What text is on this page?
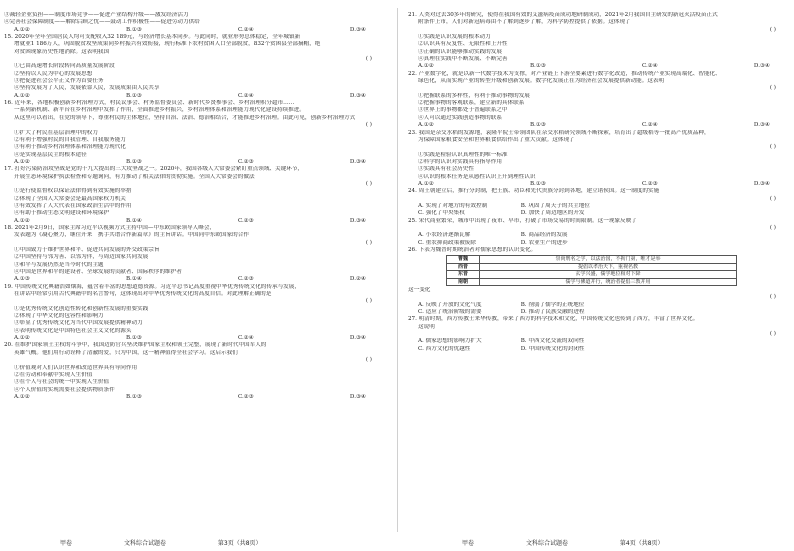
③减轻企业负担——制度市场竞争——促进产业结构升级——激发经济活力
④完善社会保障制度——解除后顾之忧——鼓动工作积极性——促进劳动力供给
A.①②	B.①③	C.②④	D.③④
15. 2020年全年全国居民人均可支配收入32 189元，与经济增长基本同步。与此同时，就业形势总体稳定，全年城镇新
增就业1 186万人，巩固脱贫攻坚成果同乡村振兴有效衔接，现行标准下农村贫困人口全部脱贫，832个贫困县全部摘帽，绝
对贫困现象历史性地消除。这表明我国
( )
①已由高速增长阶段转向高质量发展阶段
②坚持以人民为中心的发展思想
③把促进社会公平正义作为首要任务
④坚持发展为了人民，发展依靠人民，发展成果由人民共享
A.①②	B.①③	C.②④	D.③④
16. 近年来，各地积极创新乡村治理方式，村民议事会、村务监督委员会、新时代乡贤参事会、乡村治理积分超市……
一系列新机制、新平台在乡村治理中发挥了作用，全面推进乡村振兴，乡村治理体系和治理能力现代化建设持续推进。
从这里可以看出，在党的领导下，尊重村民的主体地位，坚持自治、法治、德治相结合，才能推进乡村治理。由此可见，创新乡村治理方式
( )
①扩大了村民在基层治理中的权力
②有利于增强村民的自我管理、自我服务能力
③有利于推动乡村治理体系和治理能力现代化
④是实现基层民主的根本途径
A.①②	B.①③	C.②③	D.③④
17. 打好污染防治攻坚战是党的十九大提出的三大攻坚战之一。2020年，我国各级人大常委会紧盯重点领域、关键环节，
开展生态环境保护执法检查和专题询问，有力推动了相关法律的贯彻实施。全国人大常委会的做法
( )
①是行使监督权以保证法律得到有效实施的举措
②体现了全国人大常委会是最高国家权力机关
③有效发挥了人大代表在国家政治生活中的作用
④有助于推动生态文明建设和环境保护
A.①②	B.①④	C.②③	D.③④
18. 2021年2月9日，国家主席习近平以视频方式主持中国—中东欧国家领导人峰会，
发表题为《凝心聚力，继往开来　携手共谱合作新篇章》的主旨讲话。中国同中东欧国家的合作
( )
①中国致力于维护世界和平、促进共同发展的外交政策宗旨
②中国坚持与邻为善、以邻为伴，与周边国家共同发展
③和平与发展仍然是当今时代的主题
④中国是世界和平的建设者、全球发展的贡献者、国际秩序的维护者
A.①③	B.①④	C.②③	D.②④
19. 中国传统文化典籍浩如烟海，蕴含着丰富的思想道德资源。习近平总书记高度重视中华优秀传统文化的传承与发展，
在讲话中经常引用古代典籍中的名言警句，这体现出对中华优秀传统文化的高度自信。对此理解正确的是
( )
①是优秀传统文化创造性转化和创新性发展的重要实践
②体现了中华文化的包容性和影响力
③彰显了优秀传统文化为当代中国发展提供精神动力
④表明传统文化是中国特色社会主义文化的源头
A.①②	B.①③	C.②④	D.③④
20. 在维护国家领土主权的斗争中，我国边防官兵坚决维护国家主权和领土完整，展现了新时代中国军人的
英雄气概。他们用行动诠释了清澈的爱，只为中国，这一精神值得全社会学习。这启示我们
( )
①价值观对人们认识世界和改造世界具有导向作用
②在劳动和奉献中实现人生价值
③在个人与社会的统一中实现人生价值
④个人价值的实现需要社会提供物质条件
A.①②	B.①③	C.②③	D.③④
21. 人类对过去30多年的研究，使得在我国有效的艾滋病疫苗成功地研制成功，2021年2月我国自主研发的新冠灭活疫苗正式
附条件上市，人们对新冠病毒由不了解到逐步了解，为科学防控提供了依据。这体现了
( )
①实践是认识发展的根本动力
②认识具有反复性、无限性和上升性
③正确的认识能够推动实践的发展
④真理在实践中不断发展、不断完善
A.①②	B.①③	C.②④	D.③④
22. 产业数字化，就是以新一代数字技术为支撑，对产业链上下游全要素进行数字化改造，推动传统产业实现高端化、智能化、
绿色化，从而实现产业的转型升级和创新发展。数字化发展正在为经济社会发展提供新动能。这表明
( )
①把握联系的多样性，有利于推动事物的发展
②把握事物的客观联系，建立新的具体联系
③世界上的事物都处于普遍联系之中
④人可以通过实践创造事物的联系
A.①②	B.①③	C.②④	D.③④
23. 我国是杂交水稻的发源地，袁隆平院士带领团队在杂交水稻研究领域不断探索，培育出了超级稻等一批高产优质品种，
为保障国家粮食安全和世界粮食供给作出了重大贡献。这体现了
( )
①实践是检验认识真理性的唯一标准
②科学的认识对实践具有指导作用
③实践具有社会历史性
④认识的根本任务是从感性认识上升到理性认识
A.①②	B.①③	C.②③	D.③④
24. 周王朝建立后，推行分封制，把王族、功臣和先代贵族分封到各地，建立诸侯国。这一制度的实施
( )
A. 实现了对地方的有效控制　　　　　　B. 巩固了周天子的共主地位
C. 强化了中央集权　　　　　　　　　　D. 加快了周边地区的开发
25. 宋代商业繁荣，城市中出现了夜市、早市，打破了市场交易的时间限制。这一现象反映了
( )
A. 小农经济逐渐瓦解　　　　　　　　　B. 商品经济的发展
C. 重农抑商政策被废除　　　　　　　　D. 农业生产的进步
26. 下表为魏晋时期统治者对儒家思想的认识变化。
曹魏	崇尚刑名之学，以法治国，不拘门第，唯才是举
西晋	提倡以孝治天下，重视名教
东晋	玄学兴盛，儒学地位相对下降
南朝	儒学与佛道并行，统治者提倡三教并用
这一变化
( )
A. 反映了开放的文化气度　　　　　　　B. 削弱了儒学的正统地位
C. 适应了统治阶级的需要　　　　　　　D. 推动了民族交融的进程
27. 明清时期，西方传教士来华传教，带来了西方的科学技术和文化，中国传统文化也传到了西方，丰富了世界文化。
这说明
( )
A. 儒家思想的影响力扩大　　　　　　　B. 中西文化交流的双向性
C. 西方文化的优越性　　　　　　　　　D. 中国传统文化的封闭性
甲卷	文科综合试题卷	第3页（共8页）	甲卷	文科综合试题卷	第4页（共8页）
